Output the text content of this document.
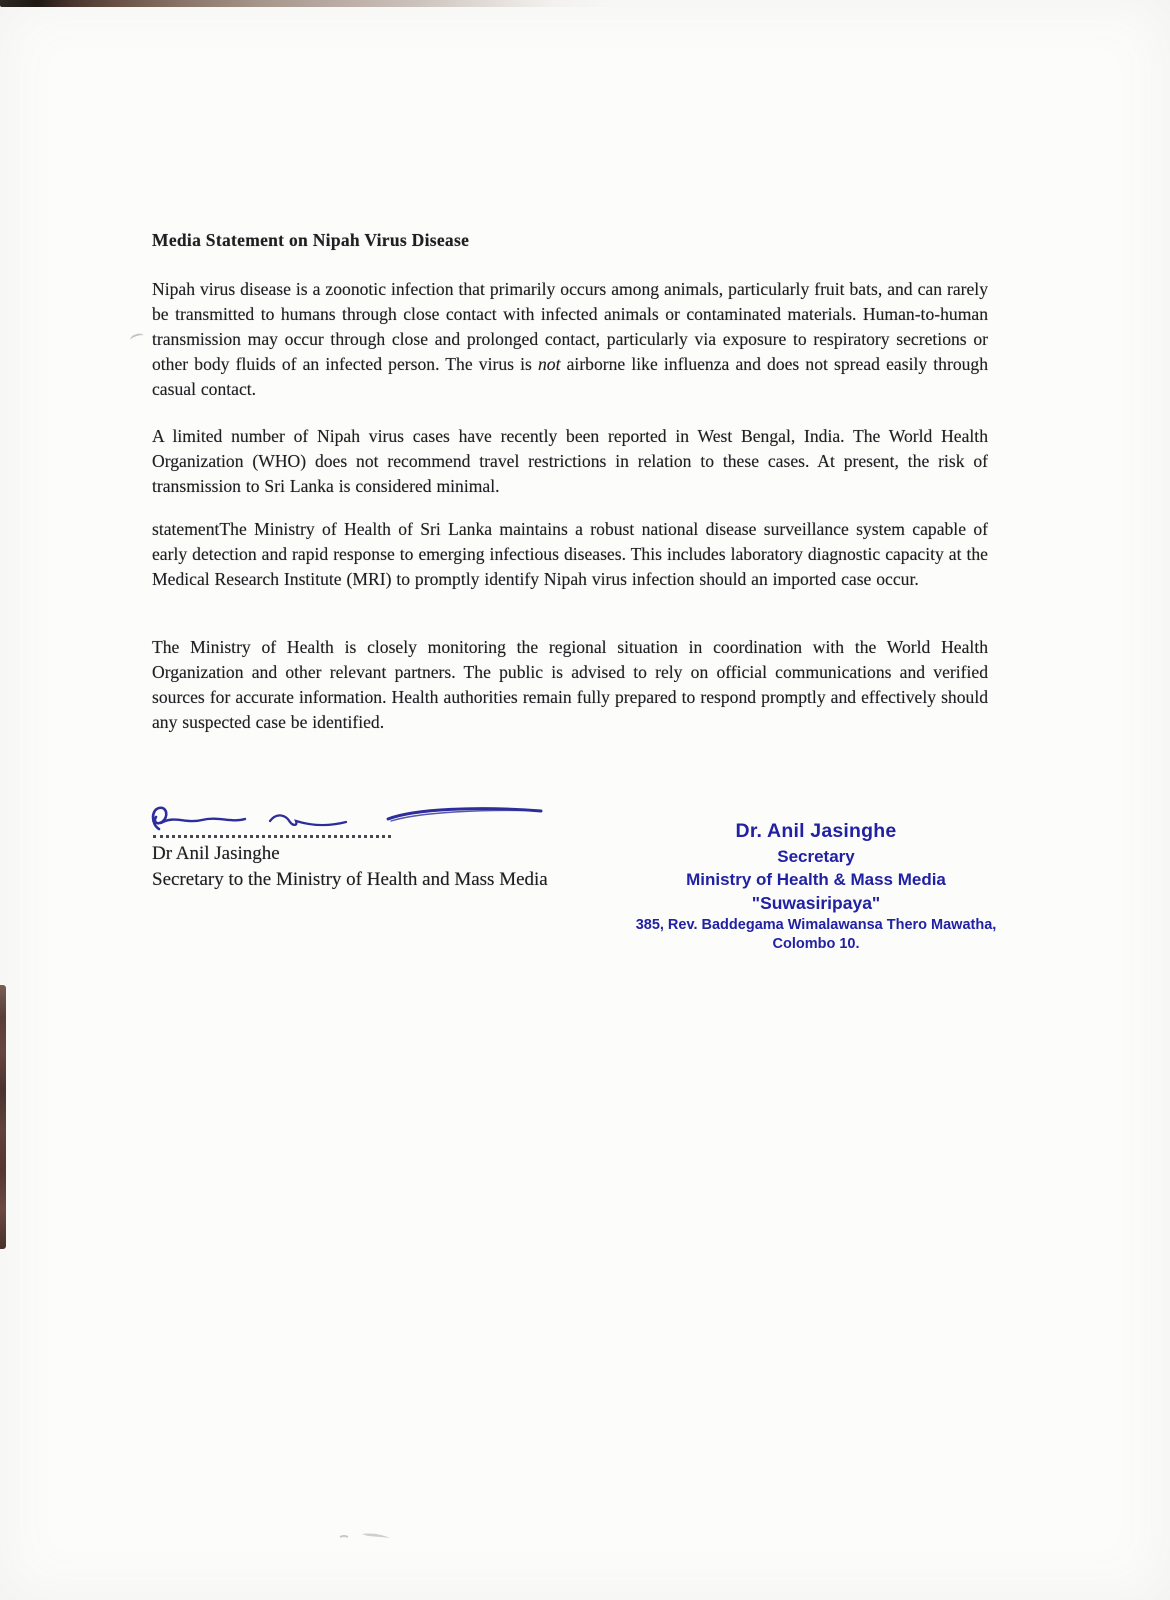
Media Statement on Nipah Virus Disease

Nipah virus disease is a zoonotic infection that primarily occurs among animals, particularly fruit bats, and can rarely be transmitted to humans through close contact with infected animals or contaminated materials. Human-to-human transmission may occur through close and prolonged contact, particularly via exposure to respiratory secretions or other body fluids of an infected person. The virus is not airborne like influenza and does not spread easily through casual contact.

A limited number of Nipah virus cases have recently been reported in West Bengal, India. The World Health Organization (WHO) does not recommend travel restrictions in relation to these cases. At present, the risk of transmission to Sri Lanka is considered minimal.

statementThe Ministry of Health of Sri Lanka maintains a robust national disease surveillance system capable of early detection and rapid response to emerging infectious diseases. This includes laboratory diagnostic capacity at the Medical Research Institute (MRI) to promptly identify Nipah virus infection should an imported case occur.

The Ministry of Health is closely monitoring the regional situation in coordination with the World Health Organization and other relevant partners. The public is advised to rely on official communications and verified sources for accurate information. Health authorities remain fully prepared to respond promptly and effectively should any suspected case be identified.

Dr Anil Jasinghe
Secretary to the Ministry of Health and Mass Media
Dr. Anil Jasinghe
Secretary
Ministry of Health & Mass Media
"Suwasiripaya"
385, Rev. Baddegama Wimalawansa Thero Mawatha,
Colombo 10.
